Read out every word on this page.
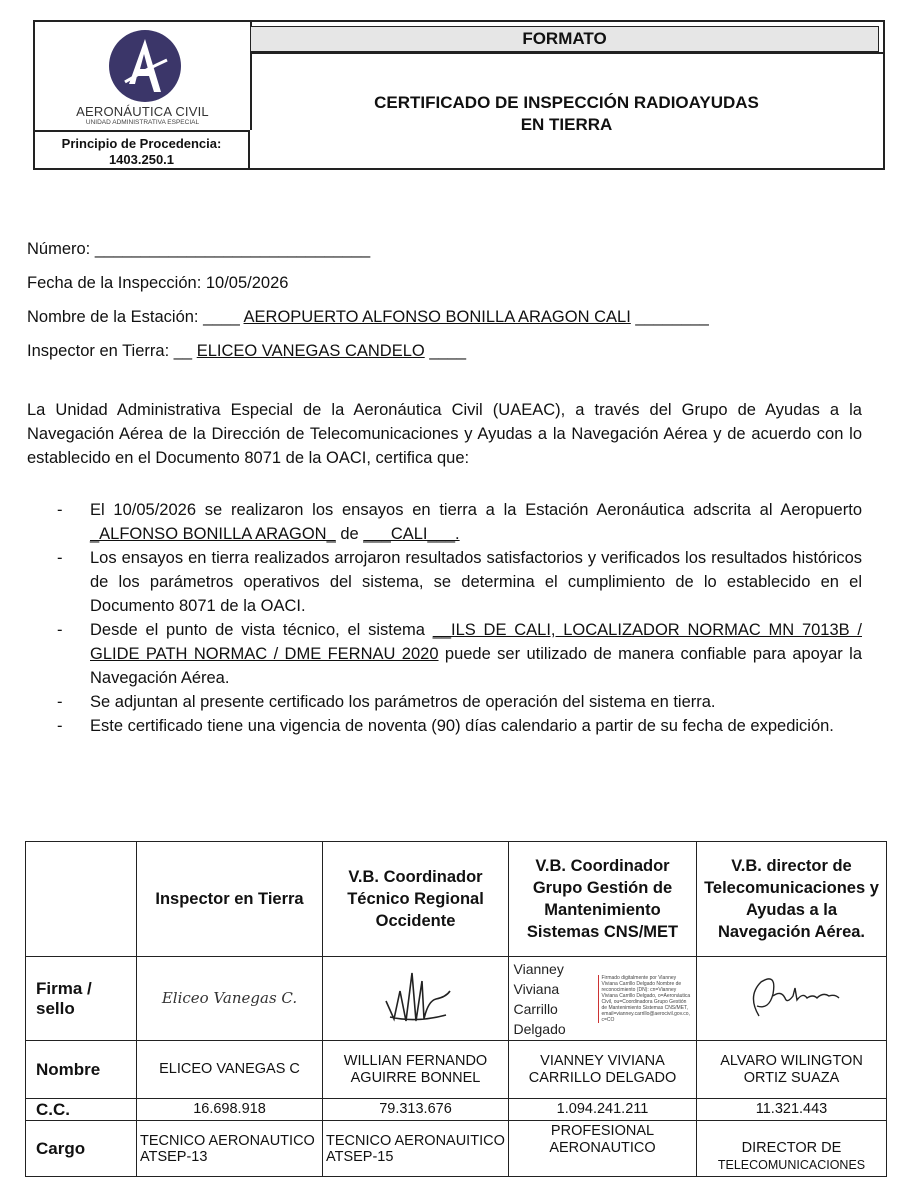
AERONÁUTICA CIVIL
UNIDAD ADMINISTRATIVA ESPECIAL
Principio de Procedencia:
1403.250.1
FORMATO
CERTIFICADO DE INSPECCIÓN RADIOAYUDAS
EN TIERRA
Número: ______________________________
Fecha de la Inspección: 10/05/2026
Nombre de la Estación: ____ AEROPUERTO ALFONSO BONILLA ARAGON CALI ________
Inspector en Tierra: __ ELICEO VANEGAS CANDELO ____
La Unidad Administrativa Especial de la Aeronáutica Civil (UAEAC), a través del Grupo de Ayudas a la Navegación Aérea de la Dirección de Telecomunicaciones y Ayudas a la Navegación Aérea y de acuerdo con lo establecido en el Documento 8071 de la OACI, certifica que:
- El 10/05/2026 se realizaron los ensayos en tierra a la Estación Aeronáutica adscrita al Aeropuerto _ALFONSO BONILLA ARAGON_ de ___CALI___.
- Los ensayos en tierra realizados arrojaron resultados satisfactorios y verificados los resultados históricos de los parámetros operativos del sistema, se determina el cumplimiento de lo establecido en el Documento 8071 de la OACI.
- Desde el punto de vista técnico, el sistema __ILS DE CALI, LOCALIZADOR NORMAC MN 7013B / GLIDE PATH NORMAC / DME FERNAU 2020 puede ser utilizado de manera confiable para apoyar la Navegación Aérea.
- Se adjuntan al presente certificado los parámetros de operación del sistema en tierra.
- Este certificado tiene una vigencia de noventa (90) días calendario a partir de su fecha de expedición.
	Inspector en Tierra	V.B. Coordinador Técnico Regional Occidente	V.B. Coordinador Grupo Gestión de Mantenimiento Sistemas CNS/MET	V.B. director de Telecomunicaciones y Ayudas a la Navegación Aérea.
Firma / sello	Eliceo Vanegas C.		Vianney Viviana Carrillo Delgado
Firmado digitalmente por Vianney Viviana Carrillo Delgado Nombre de reconocimiento (DN): cn=Vianney Viviana Carrillo Delgado, o=Aeronáutica Civil, ou=Coordinadora Grupo Gestión de Mantenimiento Sistemas CNS/MET, email=vianney.carrillo@aerocivil.gov.co, c=CO

Nombre	ELICEO VANEGAS C	WILLIAN FERNANDO AGUIRRE BONNEL	VIANNEY VIVIANA CARRILLO DELGADO	ALVARO WILINGTON ORTIZ SUAZA
C.C.	16.698.918	79.313.676	1.094.241.211	11.321.443
Cargo	TECNICO AERONAUTICO ATSEP-13	TECNICO AERONAUITICO ATSEP-15	PROFESIONAL AERONAUTICO	DIRECTOR DE
TELECOMUNICACIONES
